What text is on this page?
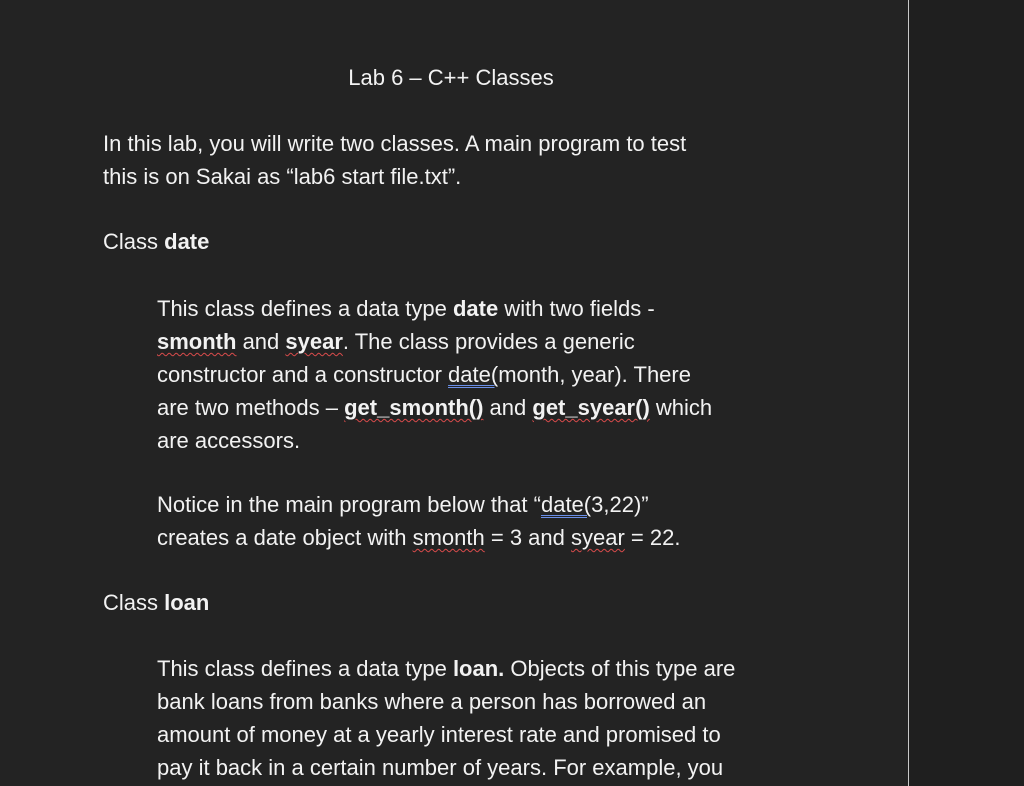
Lab 6 – C++ Classes
In this lab, you will write two classes. A main program to test
this is on Sakai as “lab6 start file.txt”.
Class date
This class defines a data type date with two fields -
smonth and syear. The class provides a generic
constructor and a constructor date(month, year). There
are two methods – get_smonth() and get_syear() which
are accessors.
Notice in the main program below that “date(3,22)”
creates a date object with smonth = 3 and syear = 22.
Class loan
This class defines a data type loan. Objects of this type are
bank loans from banks where a person has borrowed an
amount of money at a yearly interest rate and promised to
pay it back in a certain number of years. For example, you
